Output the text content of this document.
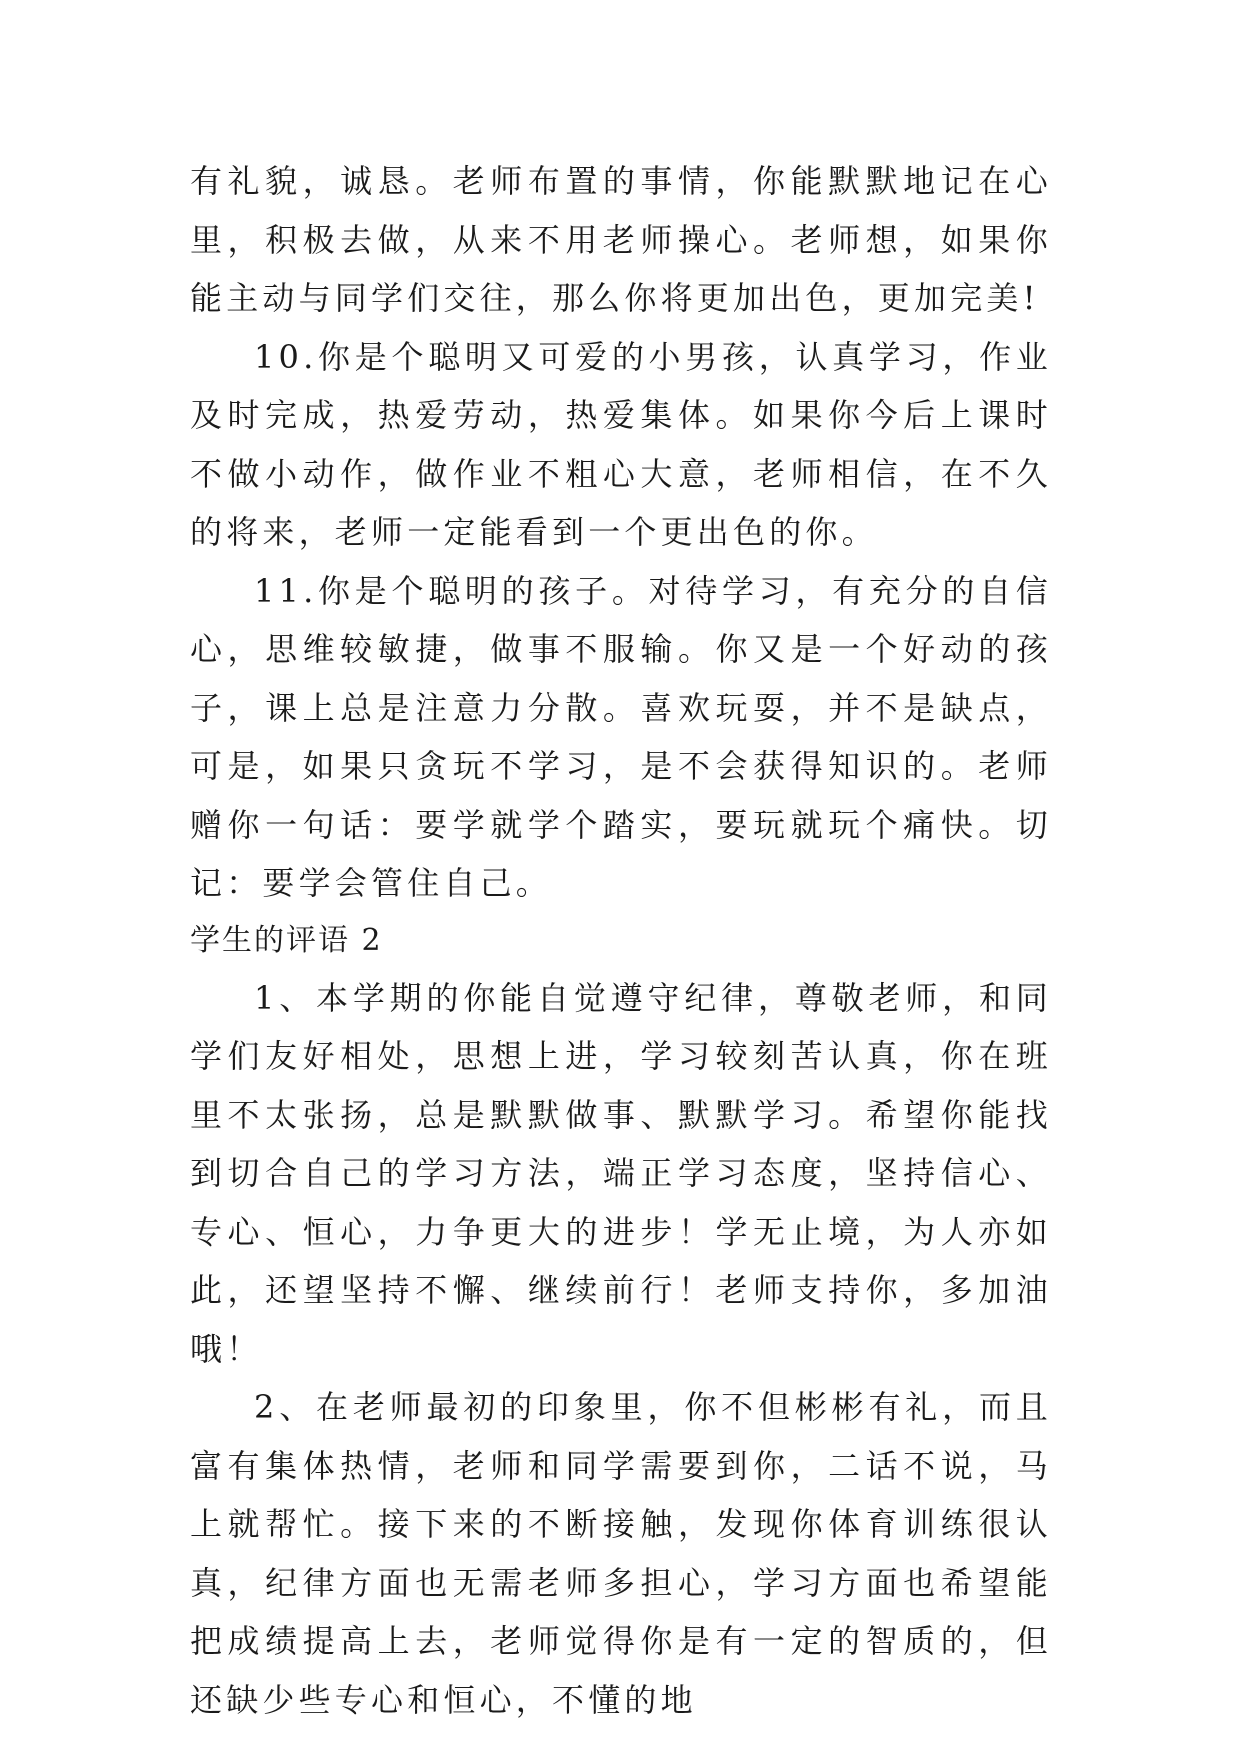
有礼貌，诚恳。老师布置的事情，你能默默地记在心里，积极去做，从来不用老师操心。老师想，如果你能主动与同学们交往，那么你将更加出色，更加完美!

10.你是个聪明又可爱的小男孩，认真学习，作业及时完成，热爱劳动，热爱集体。如果你今后上课时不做小动作，做作业不粗心大意，老师相信，在不久的将来，老师一定能看到一个更出色的你。

11.你是个聪明的孩子。对待学习，有充分的自信心，思维较敏捷，做事不服输。你又是一个好动的孩子，课上总是注意力分散。喜欢玩耍，并不是缺点，可是，如果只贪玩不学习，是不会获得知识的。老师赠你一句话：要学就学个踏实，要玩就玩个痛快。切记：要学会管住自己。

学生的评语 2

1、本学期的你能自觉遵守纪律，尊敬老师，和同学们友好相处，思想上进，学习较刻苦认真，你在班里不太张扬，总是默默做事、默默学习。希望你能找到切合自己的学习方法，端正学习态度，坚持信心、专心、恒心，力争更大的进步！学无止境，为人亦如此，还望坚持不懈、继续前行！老师支持你，多加油哦！

2、在老师最初的印象里，你不但彬彬有礼，而且富有集体热情，老师和同学需要到你，二话不说，马上就帮忙。接下来的不断接触，发现你体育训练很认真，纪律方面也无需老师多担心，学习方面也希望能把成绩提高上去，老师觉得你是有一定的智质的，但还缺少些专心和恒心，不懂的地
